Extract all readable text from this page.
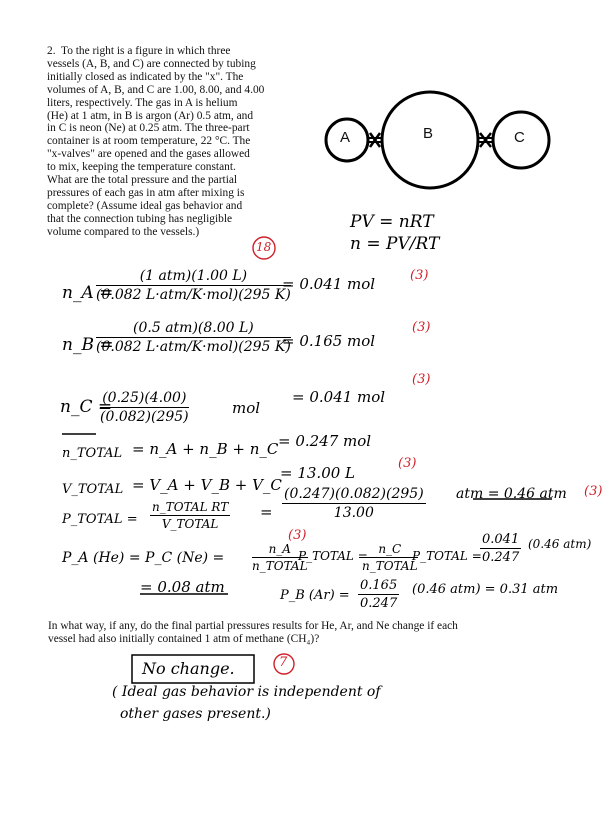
2. To the right is a figure in which three
vessels (A, B, and C) are connected by tubing
initially closed as indicated by the "x". The
volumes of A, B, and C are 1.00, 8.00, and 4.00
liters, respectively. The gas in A is helium
(He) at 1 atm, in B is argon (Ar) 0.5 atm, and
in C is neon (Ne) at 0.25 atm. The three-part
container is at room temperature, 22 °C. The
"x-valves" are opened and the gases allowed
to mix, keeping the temperature constant.
What are the total pressure and the partial
pressures of each gas in atm after mixing is
complete? (Assume ideal gas behavior and
that the connection tubing has negligible
volume compared to the vessels.)
A	B	C
PV = nRT
n = PV/RT
18
n_A =
(1 atm)(1.00 L)
(0.082 L·atm/K·mol)(295 K)
= 0.041 mol	(3)
n_B =
(0.5 atm)(8.00 L)
(0.082 L·atm/K·mol)(295 K)
= 0.165 mol
(3)
n_C =
$\frac{(0.25)(4.00)}{(0.082)(295)}$	mol
= 0.041 mol
(3)
n_TOTAL = n_A + n_B + n_C = 0.247 mol
V_TOTAL = V_A + V_B + V_C
= 13.00 L
(3)
P_TOTAL =
n_TOTAL RT
V_TOTAL
= $\frac{(0.247)(0.082)(295)}{13.00}$ atm = 0.46 atm (3)
P_A (He) = P_C (Ne) =
(3)
n_A
n_TOTAL
P_TOTAL = n_C
n_TOTAL
P_TOTAL =
$\frac{0.041}{0.247} (0.46$ atm)
= 0.08 atm	P_B $(Ar) = \frac{0.165}{0.247} (0.46$ atm) = 0.31 atm
In what way, if any, do the final partial pressures results for He, Ar, and Ne change if each
vessel had also initially contained 1 atm of methane (CH₄)?
No change.	7
( Ideal gas behavior is independent of
other gases present.)
